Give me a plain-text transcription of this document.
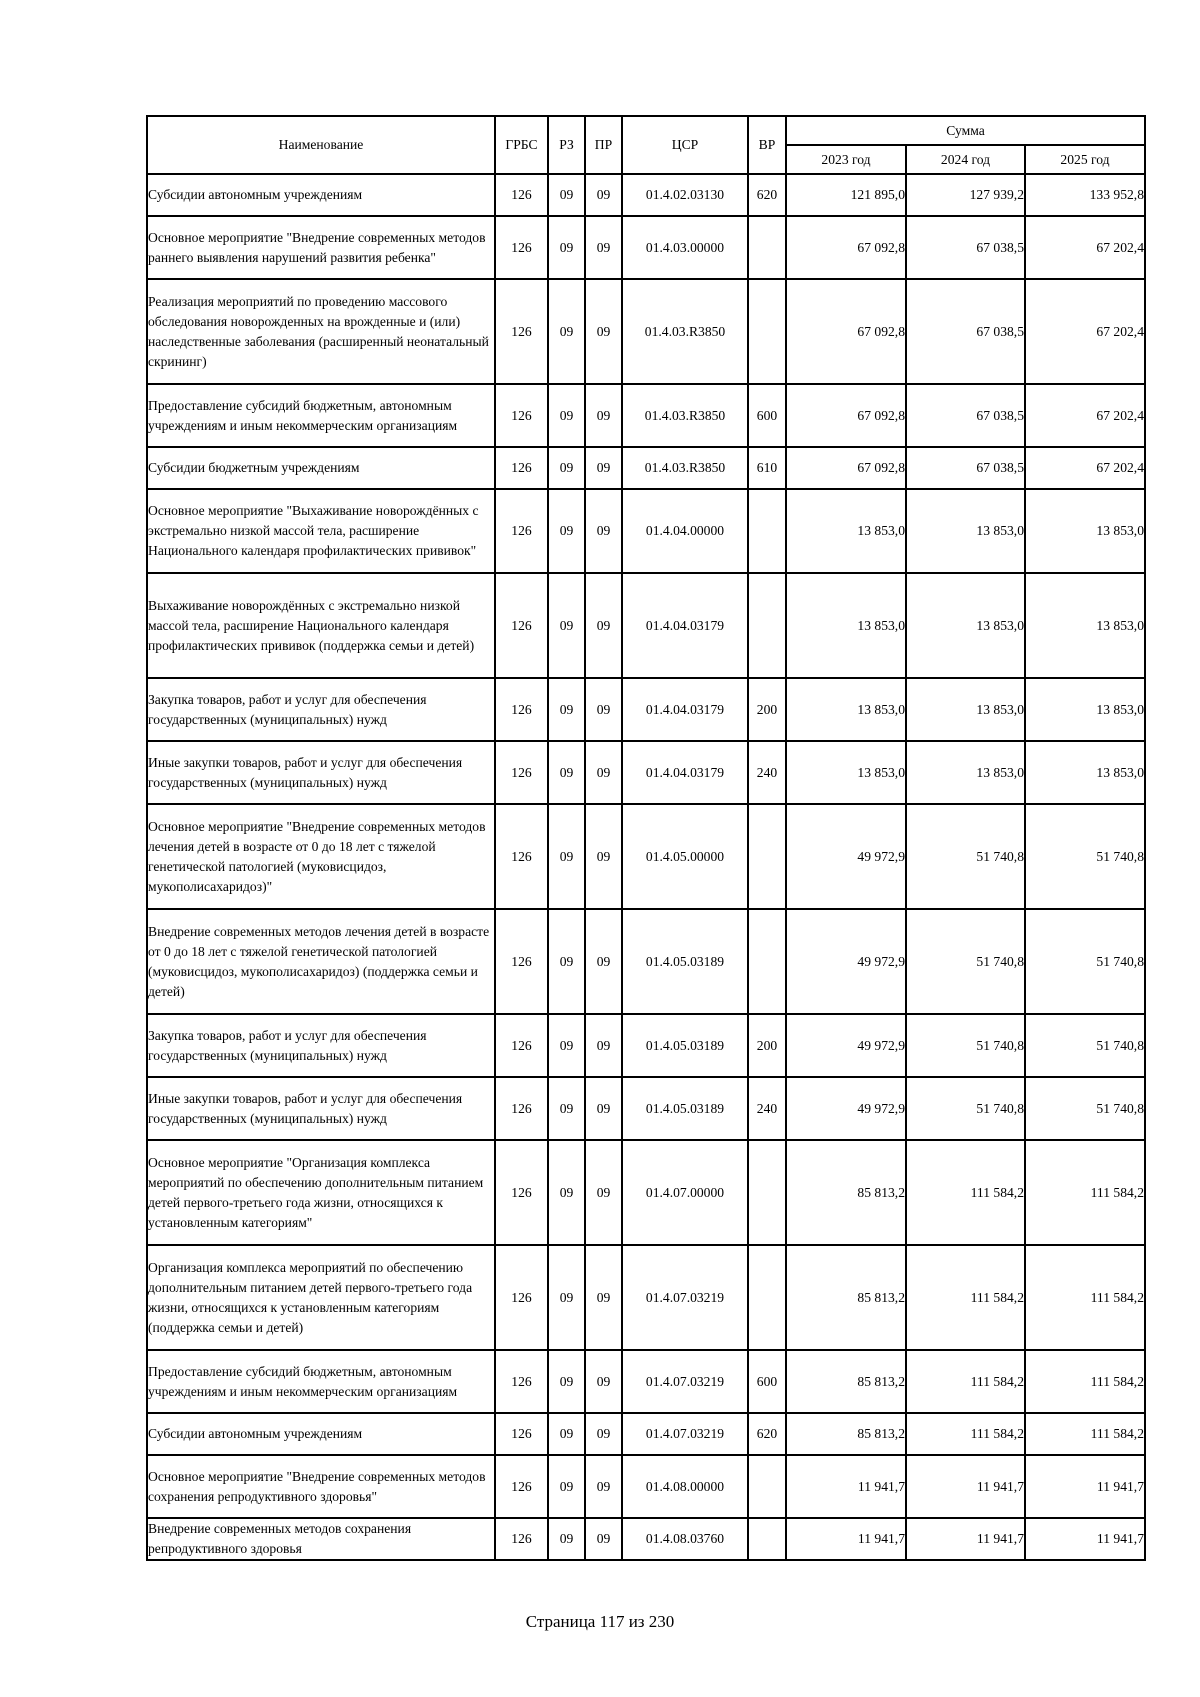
Наименование	ГРБС	РЗ	ПР	ЦСР	ВР	Сумма		
						2023 год	2024 год	2025 год
Субсидии автономным учреждениям	126	09	09	01.4.02.03130	620	121 895,0	127 939,2	133 952,8
Основное мероприятие "Внедрение современных методов раннего выявления нарушений развития ребенка"	126	09	09	01.4.03.00000		67 092,8	67 038,5	67 202,4
Реализация мероприятий по проведению массового обследования новорожденных на врожденные и (или) наследственные заболевания (расширенный неонатальный скрининг)	126	09	09	01.4.03.R3850		67 092,8	67 038,5	67 202,4
Предоставление субсидий бюджетным, автономным учреждениям и иным некоммерческим организациям	126	09	09	01.4.03.R3850	600	67 092,8	67 038,5	67 202,4
Субсидии бюджетным учреждениям	126	09	09	01.4.03.R3850	610	67 092,8	67 038,5	67 202,4
Основное мероприятие "Выхаживание новорождённых с экстремально низкой массой тела, расширение Национального календаря профилактических прививок"	126	09	09	01.4.04.00000		13 853,0	13 853,0	13 853,0
Выхаживание новорождённых с экстремально низкой массой тела, расширение Национального календаря профилактических прививок (поддержка семьи и детей)	126	09	09	01.4.04.03179		13 853,0	13 853,0	13 853,0
Закупка товаров, работ и услуг для обеспечения государственных (муниципальных) нужд	126	09	09	01.4.04.03179	200	13 853,0	13 853,0	13 853,0
Иные закупки товаров, работ и услуг для обеспечения государственных (муниципальных) нужд	126	09	09	01.4.04.03179	240	13 853,0	13 853,0	13 853,0
Основное мероприятие "Внедрение современных методов лечения детей в возрасте от 0 до 18 лет с тяжелой генетической патологией (муковисцидоз, мукополисахаридоз)"	126	09	09	01.4.05.00000		49 972,9	51 740,8	51 740,8
Внедрение современных методов лечения детей в возрасте от 0 до 18 лет с тяжелой генетической патологией (муковисцидоз, мукополисахаридоз) (поддержка семьи и детей)	126	09	09	01.4.05.03189		49 972,9	51 740,8	51 740,8
Закупка товаров, работ и услуг для обеспечения государственных (муниципальных) нужд	126	09	09	01.4.05.03189	200	49 972,9	51 740,8	51 740,8
Иные закупки товаров, работ и услуг для обеспечения государственных (муниципальных) нужд	126	09	09	01.4.05.03189	240	49 972,9	51 740,8	51 740,8
Основное мероприятие "Организация комплекса мероприятий по обеспечению дополнительным питанием детей первого-третьего года жизни, относящихся к установленным категориям"	126	09	09	01.4.07.00000		85 813,2	111 584,2	111 584,2
Организация комплекса мероприятий по обеспечению дополнительным питанием детей первого-третьего года жизни, относящихся к установленным категориям (поддержка семьи и детей)	126	09	09	01.4.07.03219		85 813,2	111 584,2	111 584,2
Предоставление субсидий бюджетным, автономным учреждениям и иным некоммерческим организациям	126	09	09	01.4.07.03219	600	85 813,2	111 584,2	111 584,2
Субсидии автономным учреждениям	126	09	09	01.4.07.03219	620	85 813,2	111 584,2	111 584,2
Основное мероприятие "Внедрение современных методов сохранения репродуктивного здоровья"	126	09	09	01.4.08.00000		11 941,7	11 941,7	11 941,7
Внедрение современных методов сохранения репродуктивного здоровья	126	09	09	01.4.08.03760		11 941,7	11 941,7	11 941,7
Страница 117 из 230
